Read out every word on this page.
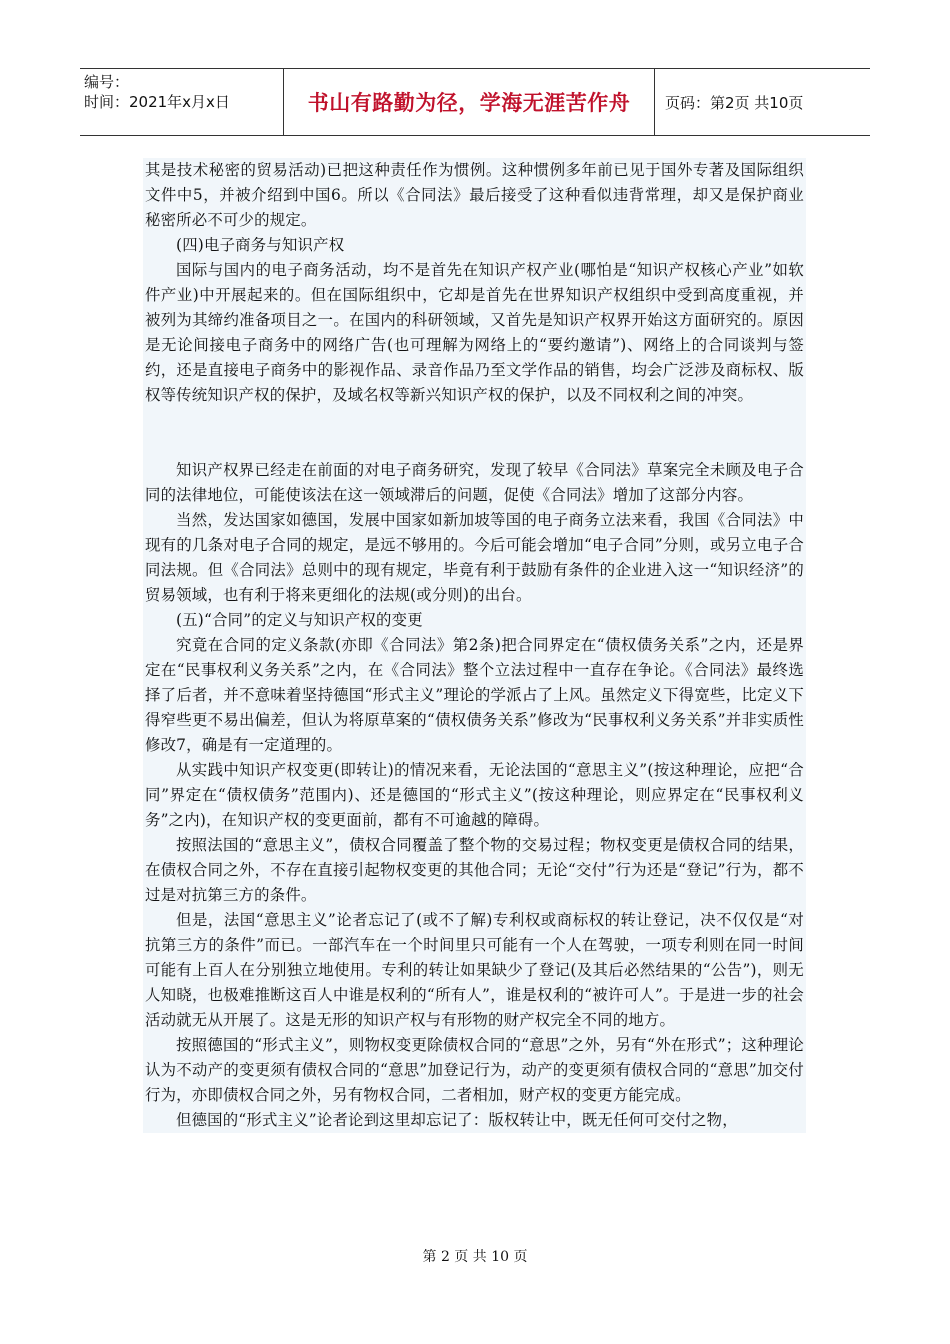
编号：
时间：2021年x月x日	书山有路勤为径，学海无涯苦作舟	页码：第2页 共10页

其是技术秘密的贸易活动)已把这种责任作为惯例。这种惯例多年前已见于国外专著及国际组织文件中5，并被介绍到中国6。所以《合同法》最后接受了这种看似违背常理，却又是保护商业秘密所必不可少的规定。

(四)电子商务与知识产权

国际与国内的电子商务活动，均不是首先在知识产权产业(哪怕是“知识产权核心产业”如软件产业)中开展起来的。但在国际组织中，它却是首先在世界知识产权组织中受到高度重视，并被列为其缔约准备项目之一。在国内的科研领域，又首先是知识产权界开始这方面研究的。原因是无论间接电子商务中的网络广告(也可理解为网络上的“要约邀请”)、网络上的合同谈判与签约，还是直接电子商务中的影视作品、录音作品乃至文学作品的销售，均会广泛涉及商标权、版权等传统知识产权的保护，及域名权等新兴知识产权的保护，以及不同权利之间的冲突。

知识产权界已经走在前面的对电子商务研究，发现了较早《合同法》草案完全未顾及电子合同的法律地位，可能使该法在这一领域滞后的问题，促使《合同法》增加了这部分内容。

当然，发达国家如德国，发展中国家如新加坡等国的电子商务立法来看，我国《合同法》中现有的几条对电子合同的规定，是远不够用的。今后可能会增加“电子合同”分则，或另立电子合同法规。但《合同法》总则中的现有规定，毕竟有利于鼓励有条件的企业进入这一“知识经济”的贸易领域，也有利于将来更细化的法规(或分则)的出台。

(五)“合同”的定义与知识产权的变更

究竟在合同的定义条款(亦即《合同法》第2条)把合同界定在“债权债务关系”之内，还是界定在“民事权利义务关系”之内，在《合同法》整个立法过程中一直存在争论。《合同法》最终选择了后者，并不意味着坚持德国“形式主义”理论的学派占了上风。虽然定义下得宽些，比定义下得窄些更不易出偏差，但认为将原草案的“债权债务关系”修改为“民事权利义务关系”并非实质性修改7，确是有一定道理的。

从实践中知识产权变更(即转让)的情况来看，无论法国的“意思主义”(按这种理论，应把“合同”界定在“债权债务”范围内)、还是德国的“形式主义”(按这种理论，则应界定在“民事权利义务”之内)，在知识产权的变更面前，都有不可逾越的障碍。

按照法国的“意思主义”，债权合同覆盖了整个物的交易过程；物权变更是债权合同的结果，在债权合同之外，不存在直接引起物权变更的其他合同；无论“交付”行为还是“登记”行为，都不过是对抗第三方的条件。

但是，法国“意思主义”论者忘记了(或不了解)专利权或商标权的转让登记，决不仅仅是“对抗第三方的条件”而已。一部汽车在一个时间里只可能有一个人在驾驶，一项专利则在同一时间可能有上百人在分别独立地使用。专利的转让如果缺少了登记(及其后必然结果的“公告”)，则无人知晓，也极难推断这百人中谁是权利的“所有人”，谁是权利的“被许可人”。于是进一步的社会活动就无从开展了。这是无形的知识产权与有形物的财产权完全不同的地方。

按照德国的“形式主义”，则物权变更除债权合同的“意思”之外，另有“外在形式”；这种理论认为不动产的变更须有债权合同的“意思”加登记行为，动产的变更须有债权合同的“意思”加交付行为，亦即债权合同之外，另有物权合同，二者相加，财产权的变更方能完成。

但德国的“形式主义”论者论到这里却忘记了：版权转让中，既无任何可交付之物，

第 2 页 共 10 页
